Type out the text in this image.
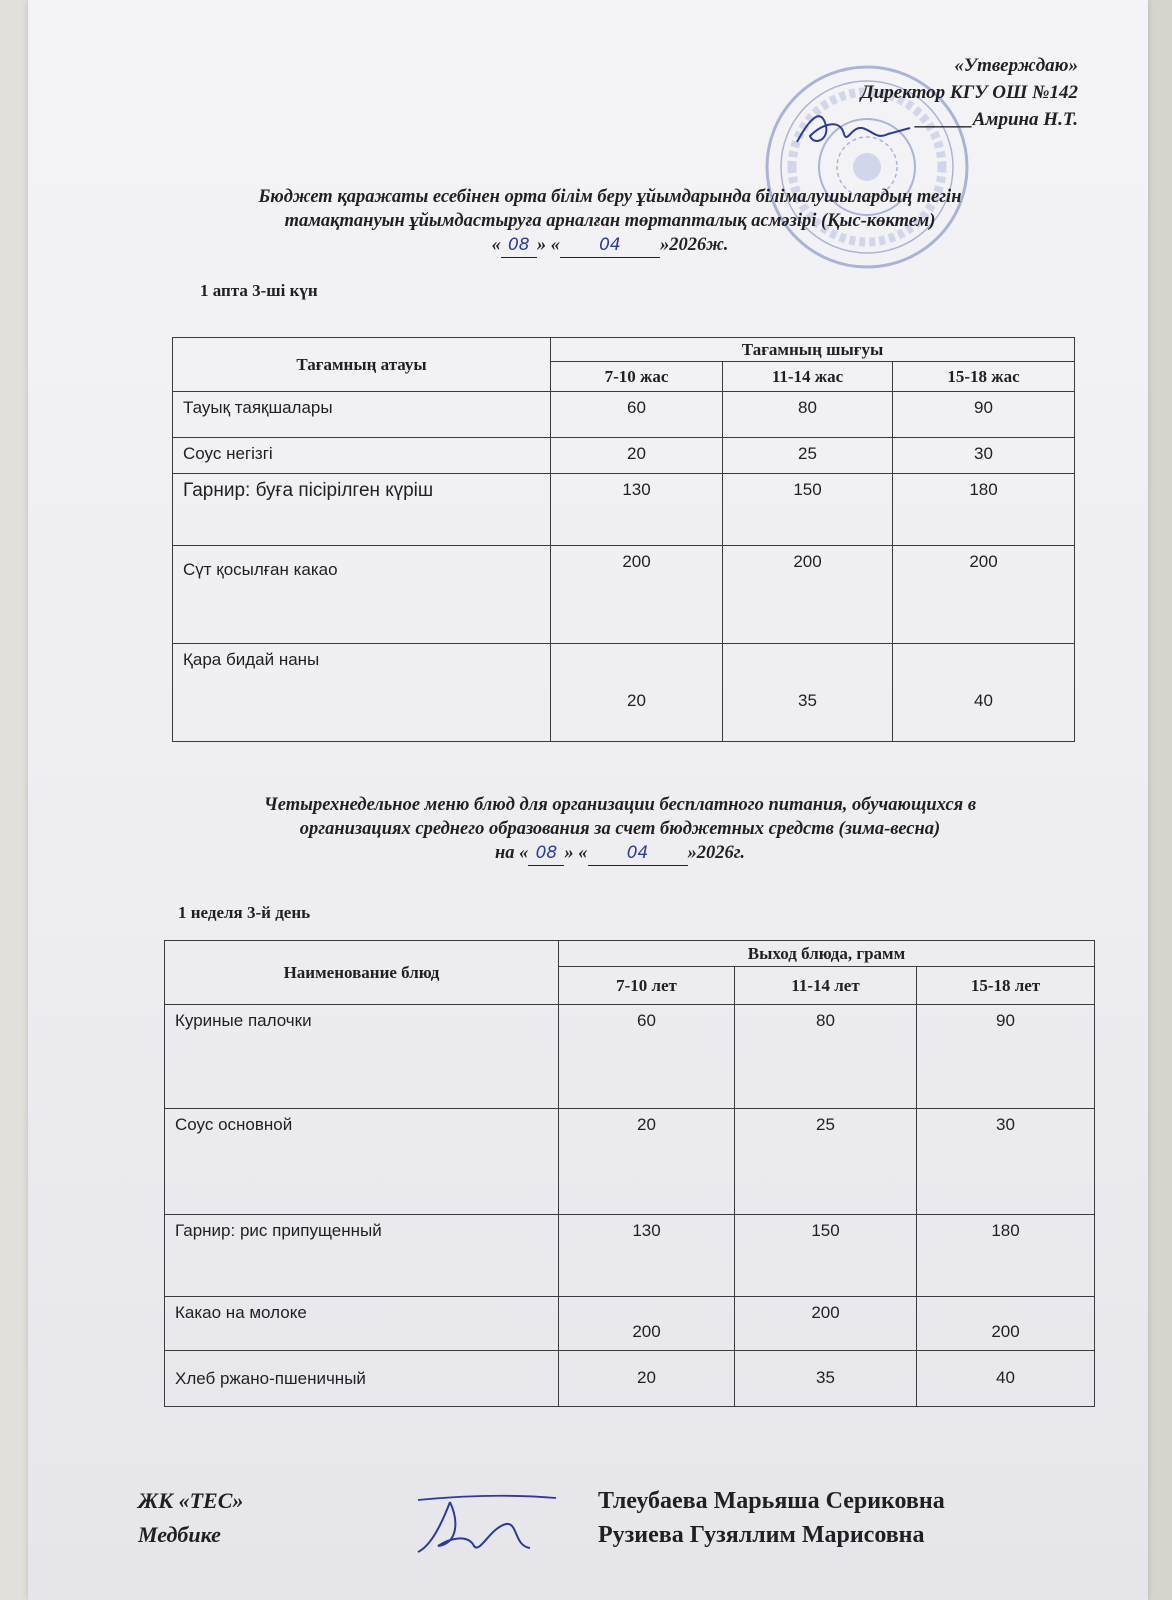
«Утверждаю»
Директор КГУ ОШ №142
______Амрина Н.Т.
Бюджет қаражаты есебінен орта білім беру ұйымдарында білімалушылардың тегін
тамақтануын ұйымдастыруға арналған төртапталық асмәзірі (Қыс-көктем)
« 08 » « 04 »2026ж.
1 апта 3-ші күн
Тағамның атауы	Тағамның шығуы		
	7-10 жас	11-14 жас	15-18 жас
Тауық таяқшалары	60	80	90
Соус негізгі	20	25	30
Гарнир: буға пісірілген күріш	130	150	180
Сүт қосылған какао	200	200	200
Қара бидай наны	20	35	40
Четырехнедельное меню блюд для организации бесплатного питания, обучающихся в
организациях среднего образования за счет бюджетных средств (зима-весна)
на « 08 » « 04 »2026г.
1 неделя 3-й день
Наименование блюд	Выход блюда, грамм		
	7-10 лет	11-14 лет	15-18 лет
Куриные палочки	60	80	90
Соус основной	20	25	30
Гарнир: рис припущенный	130	150	180
Какао на молоке	200	200	200
Хлеб ржано-пшеничный	20	35	40
ЖК «ТЕС»
Медбике
Тлеубаева Марьяша Сериковна
Рузиева Гузяллим Марисовна
